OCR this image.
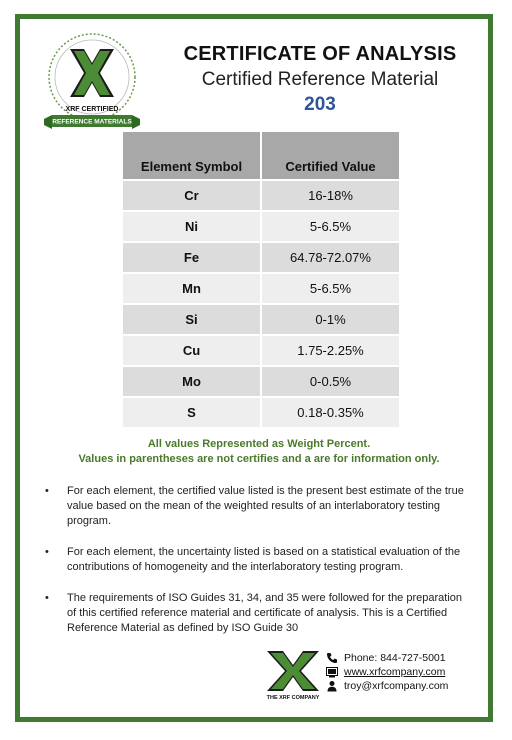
XRF CERTIFIED
REFERENCE MATERIALS
CERTIFICATE OF ANALYSIS
Certified Reference Material
203
Element Symbol	Certified Value
Cr	16-18%
Ni	5-6.5%
Fe	64.78-72.07%
Mn	5-6.5%
Si	0-1%
Cu	1.75-2.25%
Mo	0-0.5%
S	0.18-0.35%
All values Represented as Weight Percent.
Values in parentheses are not certifies and a are for information only.
• For each element, the certified value listed is the present best estimate of the true value based on the mean of the weighted results of an interlaboratory testing program.
• For each element, the uncertainty listed is based on a statistical evaluation of the contributions of homogeneity and the interlaboratory testing program.
• The requirements of ISO Guides 31, 34, and 35 were followed for the preparation of this certified reference material and certificate of analysis. This is a Certified Reference Material as defined by ISO Guide 30
THE XRF COMPANY
Phone: 844-727-5001
www.xrfcompany.com
troy@xrfcompany.com
